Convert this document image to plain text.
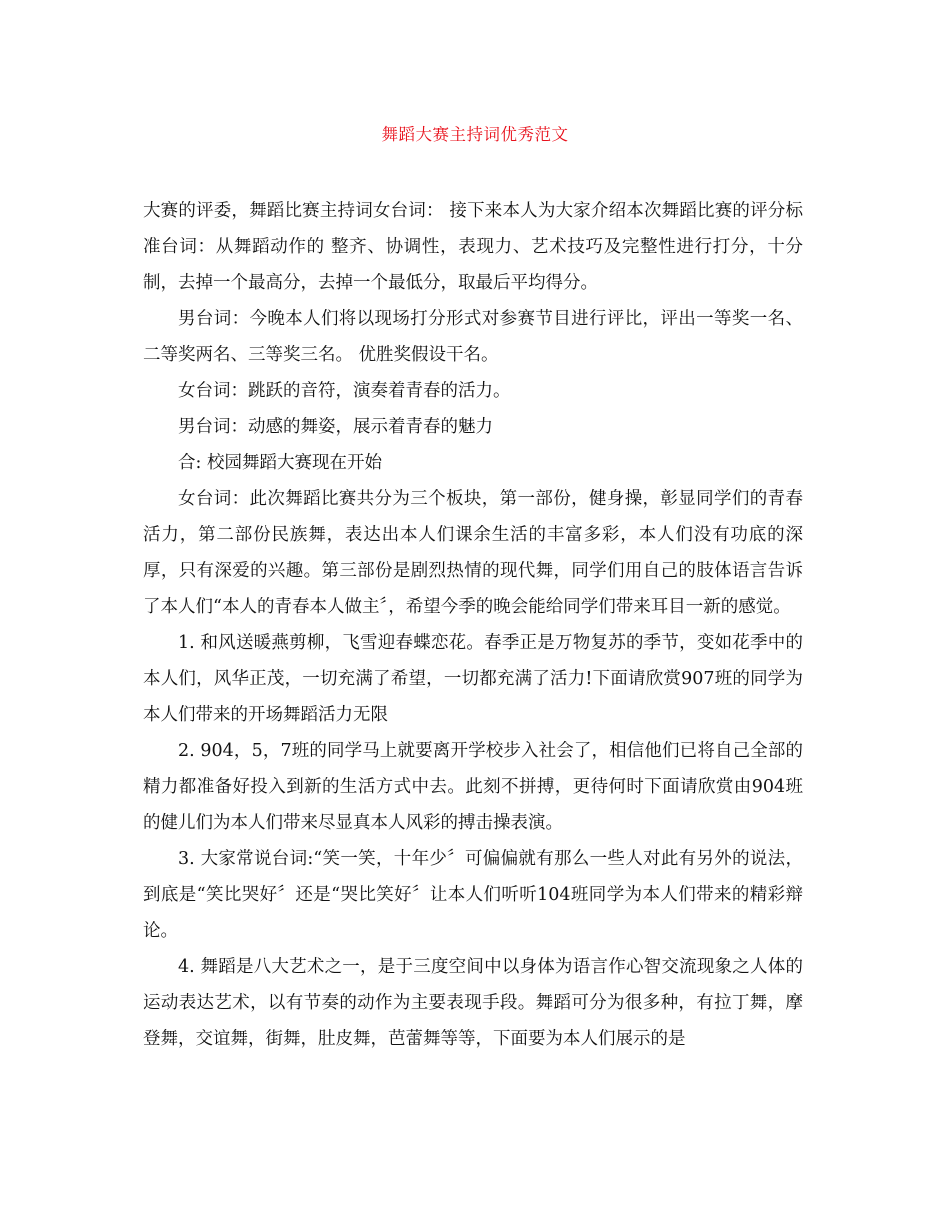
舞蹈大赛主持词优秀范文

大赛的评委，舞蹈比赛主持词女台词： 接下来本人为大家介绍本次舞蹈比赛的评分标准台词：从舞蹈动作的 整齐、协调性，表现力、艺术技巧及完整性进行打分，十分制，去掉一个最高分，去掉一个最低分，取最后平均得分。

男台词：今晚本人们将以现场打分形式对参赛节目进行评比，评出一等奖一名、二等奖两名、三等奖三名。 优胜奖假设干名。

女台词：跳跃的音符，演奏着青春的活力。

男台词：动感的舞姿，展示着青春的魅力

合: 校园舞蹈大赛现在开始

女台词：此次舞蹈比赛共分为三个板块，第一部份，健身操，彰显同学们的青春活力，第二部份民族舞，表达出本人们课余生活的丰富多彩，本人们没有功底的深厚，只有深爱的兴趣。第三部份是剧烈热情的现代舞，同学们用自己的肢体语言告诉了本人们“本人的青春本人做主〞，希望今季的晚会能给同学们带来耳目一新的感觉。

1. 和风送暖燕剪柳，飞雪迎春蝶恋花。春季正是万物复苏的季节，变如花季中的本人们，风华正茂，一切充满了希望，一切都充满了活力!下面请欣赏907班的同学为本人们带来的开场舞蹈活力无限

2. 904，5，7班的同学马上就要离开学校步入社会了，相信他们已将自己全部的精力都准备好投入到新的生活方式中去。此刻不拼搏，更待何时下面请欣赏由904班的健儿们为本人们带来尽显真本人风彩的搏击操表演。

3. 大家常说台词:“笑一笑，十年少〞可偏偏就有那么一些人对此有另外的说法，到底是“笑比哭好〞还是“哭比笑好〞让本人们听听104班同学为本人们带来的精彩辩论。

4. 舞蹈是八大艺术之一，是于三度空间中以身体为语言作心智交流现象之人体的运动表达艺术，以有节奏的动作为主要表现手段。舞蹈可分为很多种，有拉丁舞，摩登舞，交谊舞，街舞，肚皮舞，芭蕾舞等等，下面要为本人们展示的是
